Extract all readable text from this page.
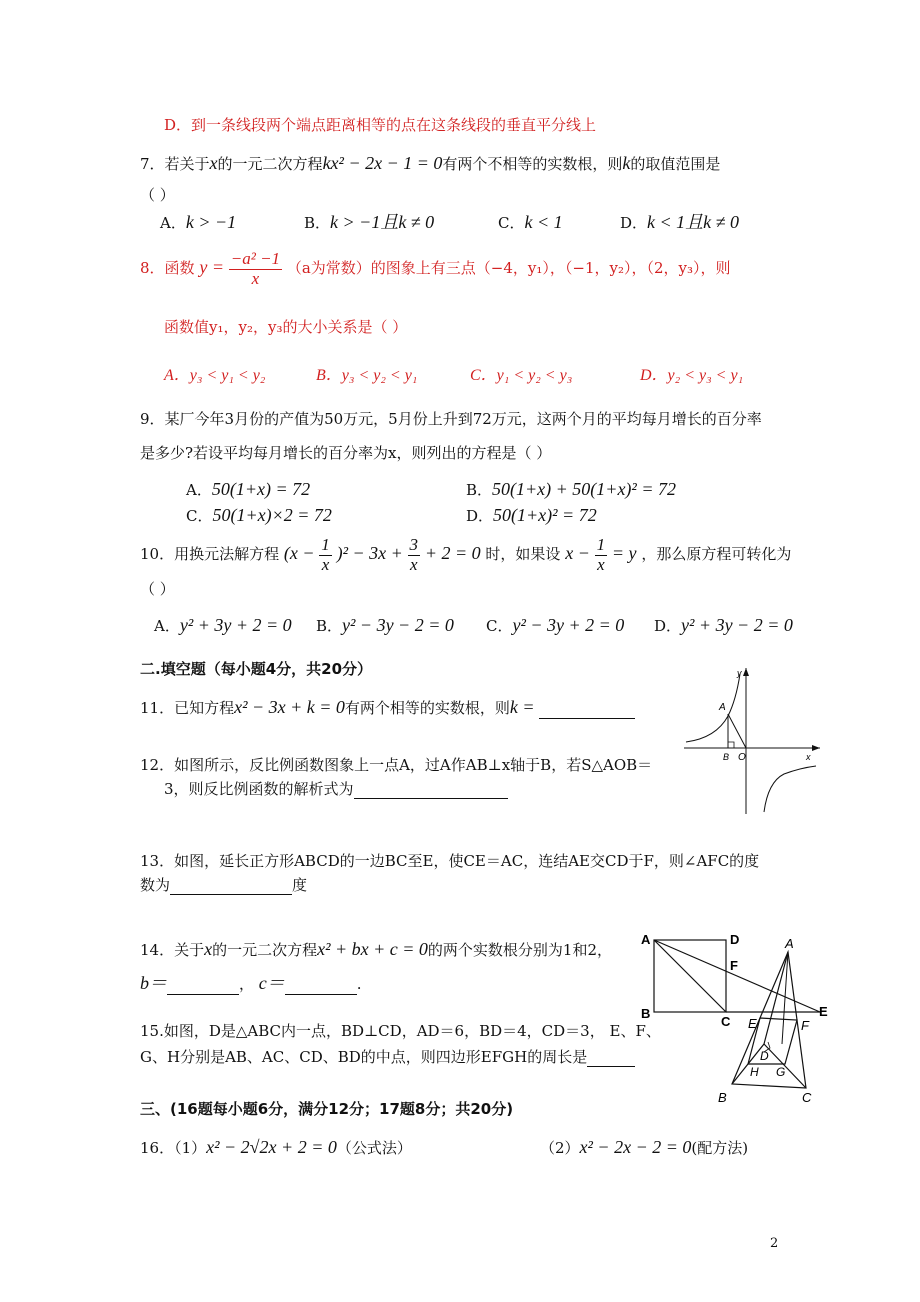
D．到一条线段两个端点距离相等的点在这条线段的垂直平分线上
7．若关于x的一元二次方程kx² − 2x − 1 = 0有两个不相等的实数根，则k的取值范围是
（ ）
A．k > −1	B．k > −1且k ≠ 0	C．k < 1	D．k < 1且k ≠ 0
8．函数 $y = \frac{\text{−a² −1}}{x} (a$为常数）的图象上有三点（−4，y₁），（−1，y₂），（2，y₃），则
函数值y₁，y₂，y₃的大小关系是（ ）
A．y₃ < y₁ < y₂	B．y₃ < y₂ < y₁	C．y₁ < y₂ < y₃	D．y₂ < y₃ < y₁
9．某厂今年3月份的产值为50万元，5月份上升到72万元，这两个月的平均每月增长的百分率
是多少?若设平均每月增长的百分率为x，则列出的方程是（ ）
A．50(1+x) = 72	B．50(1+x) + 50(1+x)² = 72
C．50(1+x)×2 = 72	D．50(1+x)² = 72
10．用换元法解方程 $(x - \frac{1}{x} )^2 - 3x + \frac{3}{x} + 2 = 0$ 时，如果设 $x - \frac{1}{x} = y$ ，那么原方程可转化为
（ ）
A．y² + 3y + 2 = 0 B．y² − 3y − 2 = 0 C．y² − 3y + 2 = 0 D．y² + 3y − 2 = 0
二.填空题（每小题4分，共20分）
11．已知方程x² − 3x + k = 0有两个相等的实数根，则k =
12．如图所示，反比例函数图象上一点A，过A作AB⊥x轴于B，若S△AOB＝
3，则反比例函数的解析式为
A
B O	x
y
13．如图，延长正方形ABCD的一边BC至E，使CE＝AC，连结AE交CD于F，则∠AFC的度
数为	度
14．关于x的一元二次方程x² + bx + c = 0的两个实数根分别为1和2，
b＝	， c＝	.
15.如图，D是△ABC内一点，BD⊥CD，AD＝6，BD＝4，CD＝3， E、F、
G、H分别是AB、AC、CD、BD的中点，则四边形EFGH的周长是
A	D
F
B
C
E
A
E	F
D
H G
B	C
三、(16题每小题6分，满分12分；17题8分；共20分)
16．（1）x² − 2√2x + 2 = 0（公式法）	（2）x² − 2x − 2 = 0(配方法)
2
